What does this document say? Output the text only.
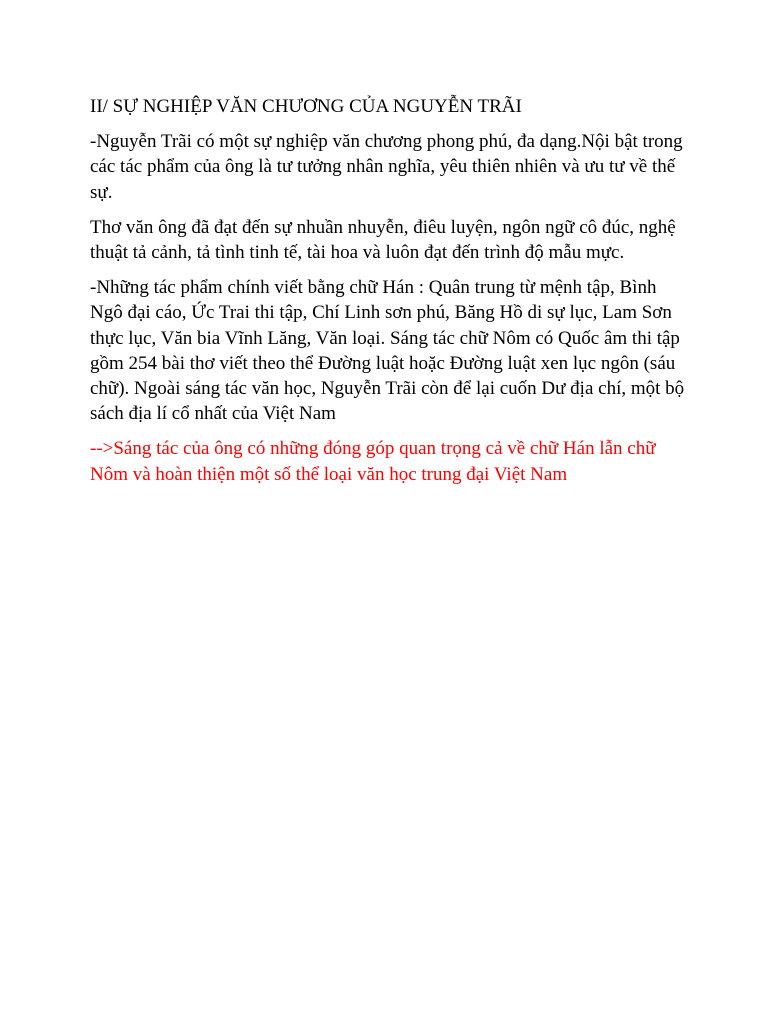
II/ SỰ NGHIỆP VĂN CHƯƠNG CỦA NGUYỄN TRÃI

-Nguyễn Trãi có một sự nghiệp văn chương phong phú, đa dạng.Nội bật trong các tác phẩm của ông là tư tưởng nhân nghĩa, yêu thiên nhiên và ưu tư về thế sự.

Thơ văn ông đã đạt đến sự nhuần nhuyễn, điêu luyện, ngôn ngữ cô đúc, nghệ thuật tả cảnh, tả tình tinh tế, tài hoa và luôn đạt đến trình độ mẫu mực.

-Những tác phẩm chính viết bằng chữ Hán : Quân trung từ mệnh tập, Bình Ngô đại cáo, Ức Trai thi tập, Chí Linh sơn phú, Băng Hồ di sự lục, Lam Sơn thực lục, Văn bia Vĩnh Lăng, Văn loại. Sáng tác chữ Nôm có Quốc âm thi tập gồm 254 bài thơ viết theo thể Đường luật hoặc Đường luật xen lục ngôn (sáu chữ). Ngoài sáng tác văn học, Nguyễn Trãi còn để lại cuốn Dư địa chí, một bộ sách địa lí cổ nhất của Việt Nam

-->Sáng tác của ông có những đóng góp quan trọng cả về chữ Hán lẫn chữ Nôm và hoàn thiện một số thể loại văn học trung đại Việt Nam
